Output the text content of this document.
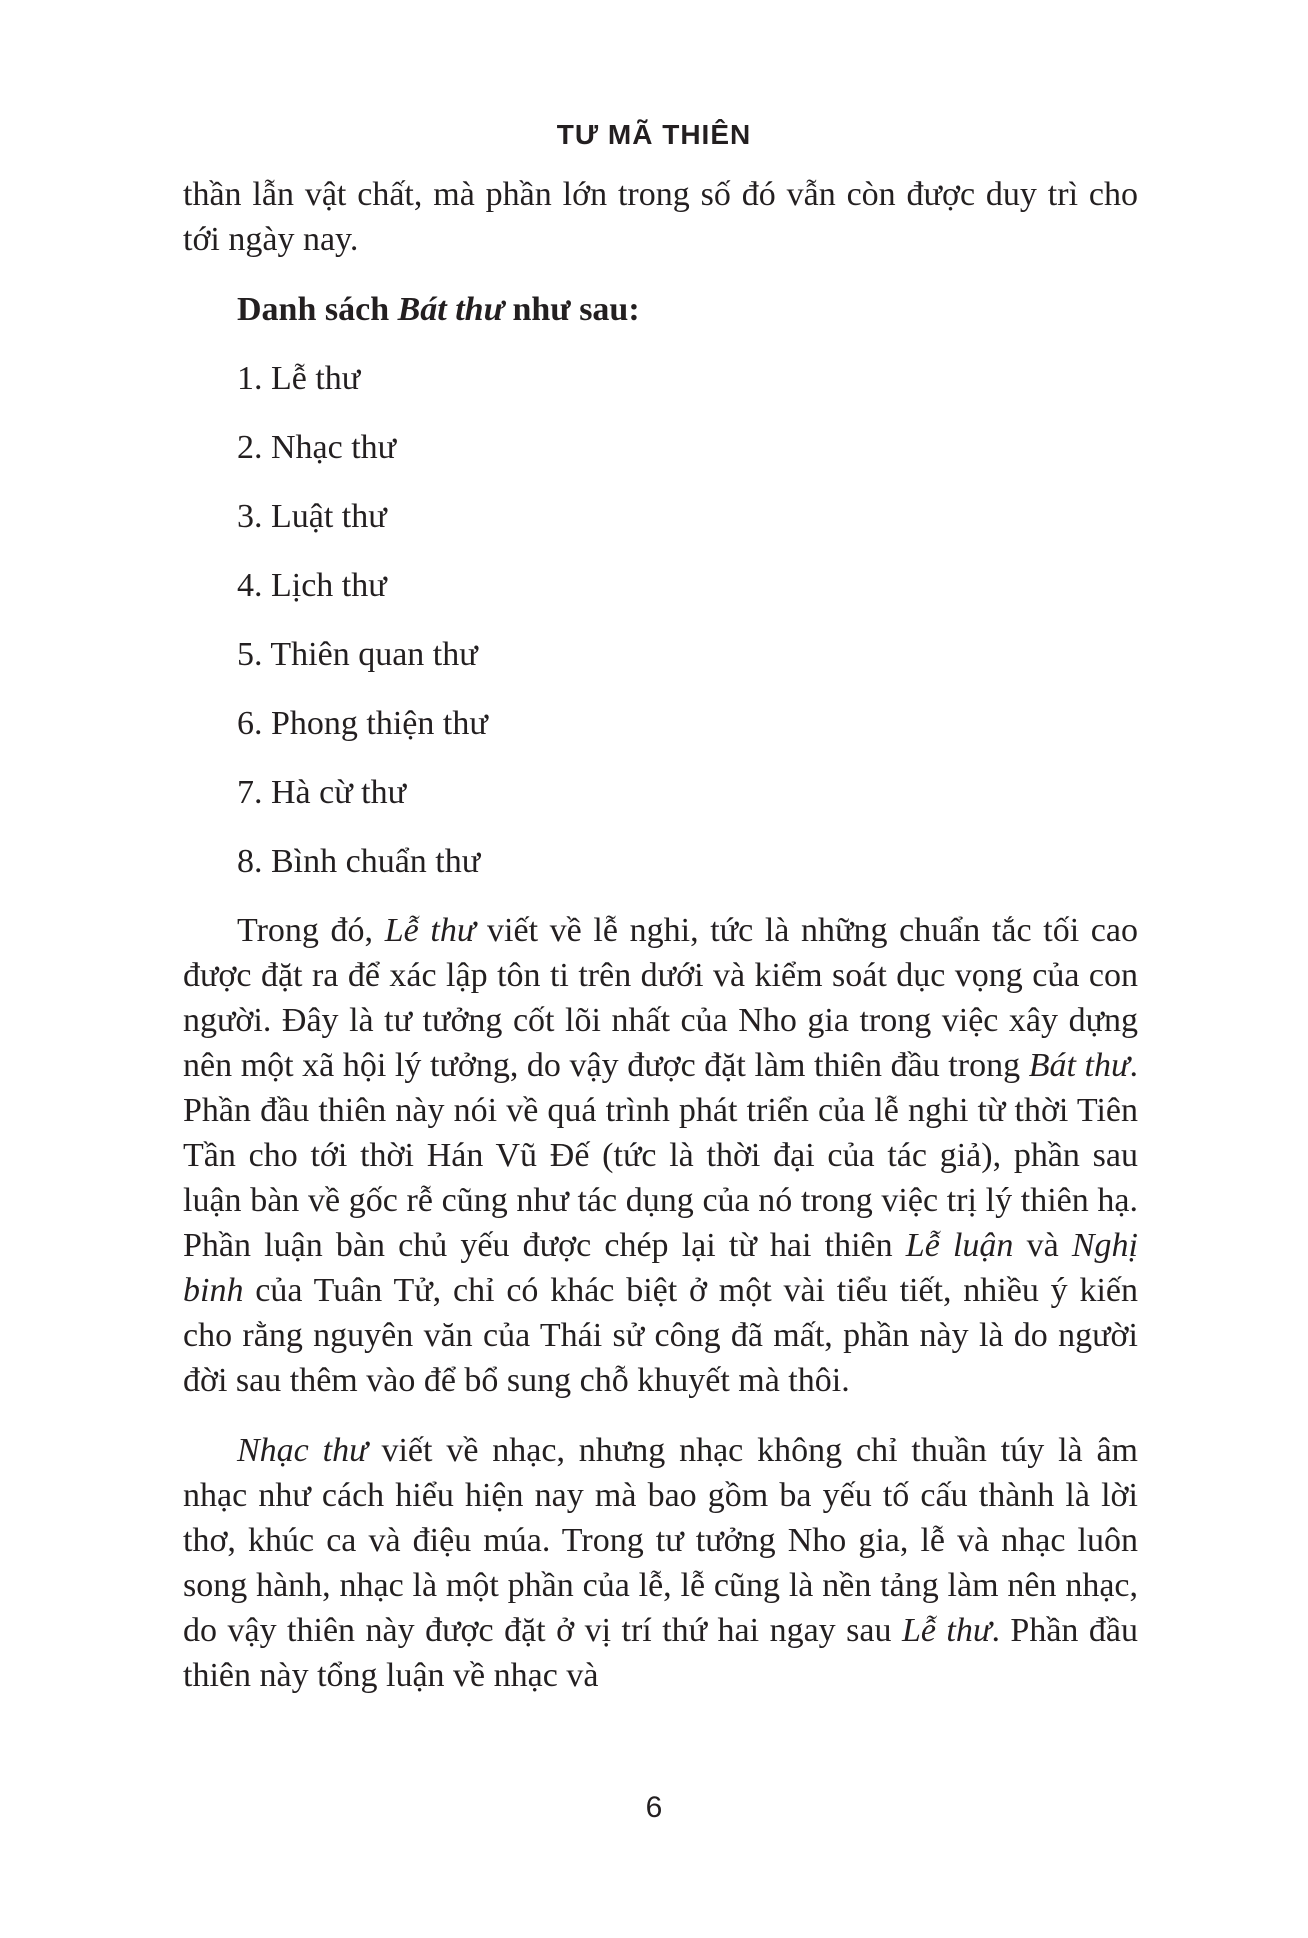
TƯ MÃ THIÊN

thần lẫn vật chất, mà phần lớn trong số đó vẫn còn được duy trì cho tới ngày nay.

Danh sách Bát thư như sau:

1. Lễ thư
2. Nhạc thư
3. Luật thư
4. Lịch thư
5. Thiên quan thư
6. Phong thiện thư
7. Hà cừ thư
8. Bình chuẩn thư

Trong đó, Lễ thư viết về lễ nghi, tức là những chuẩn tắc tối cao được đặt ra để xác lập tôn ti trên dưới và kiểm soát dục vọng của con người. Đây là tư tưởng cốt lõi nhất của Nho gia trong việc xây dựng nên một xã hội lý tưởng, do vậy được đặt làm thiên đầu trong Bát thư. Phần đầu thiên này nói về quá trình phát triển của lễ nghi từ thời Tiên Tần cho tới thời Hán Vũ Đế (tức là thời đại của tác giả), phần sau luận bàn về gốc rễ cũng như tác dụng của nó trong việc trị lý thiên hạ. Phần luận bàn chủ yếu được chép lại từ hai thiên Lễ luận và Nghị binh của Tuân Tử, chỉ có khác biệt ở một vài tiểu tiết, nhiều ý kiến cho rằng nguyên văn của Thái sử công đã mất, phần này là do người đời sau thêm vào để bổ sung chỗ khuyết mà thôi.

Nhạc thư viết về nhạc, nhưng nhạc không chỉ thuần túy là âm nhạc như cách hiểu hiện nay mà bao gồm ba yếu tố cấu thành là lời thơ, khúc ca và điệu múa. Trong tư tưởng Nho gia, lễ và nhạc luôn song hành, nhạc là một phần của lễ, lễ cũng là nền tảng làm nên nhạc, do vậy thiên này được đặt ở vị trí thứ hai ngay sau Lễ thư. Phần đầu thiên này tổng luận về nhạc và

6
